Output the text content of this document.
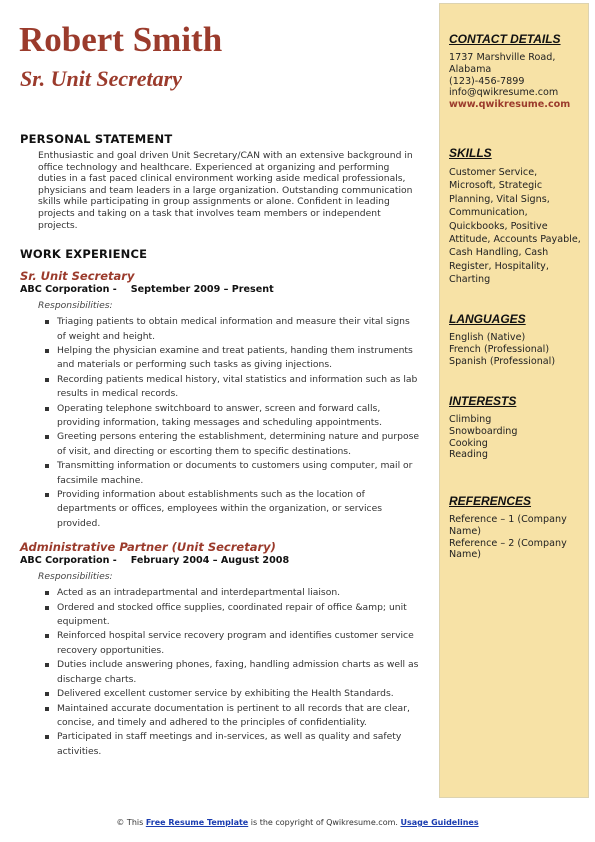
Robert Smith
Sr. Unit Secretary
PERSONAL STATEMENT

Enthusiastic and goal driven Unit Secretary/CAN with an extensive background in office technology and healthcare. Experienced at organizing and performing duties in a fast paced clinical environment working aside medical professionals, physicians and team leaders in a large organization. Outstanding communication skills while participating in group assignments or alone. Confident in leading projects and taking on a task that involves team members or independent projects.

WORK EXPERIENCE

Sr. Unit Secretary

ABC Corporation - September 2009 – Present

Responsibilities:

Triaging patients to obtain medical information and measure their vital signs of weight and height.
Helping the physician examine and treat patients, handing them instruments and materials or performing such tasks as giving injections.
Recording patients medical history, vital statistics and information such as lab results in medical records.
Operating telephone switchboard to answer, screen and forward calls, providing information, taking messages and scheduling appointments.
Greeting persons entering the establishment, determining nature and purpose of visit, and directing or escorting them to specific destinations.
Transmitting information or documents to customers using computer, mail or facsimile machine.
Providing information about establishments such as the location of departments or offices, employees within the organization, or services provided.

Administrative Partner (Unit Secretary)

ABC Corporation - February 2004 – August 2008

Responsibilities:

Acted as an intradepartmental and interdepartmental liaison.
Ordered and stocked office supplies, coordinated repair of office &amp; unit equipment.
Reinforced hospital service recovery program and identifies customer service recovery opportunities.
Duties include answering phones, faxing, handling admission charts as well as discharge charts.
Delivered excellent customer service by exhibiting the Health Standards.
Maintained accurate documentation is pertinent to all records that are clear, concise, and timely and adhered to the principles of confidentiality.
Participated in staff meetings and in-services, as well as quality and safety activities.

CONTACT DETAILS

1737 Marshville Road,
Alabama
(123)-456-7899
info@qwikresume.com
www.qwikresume.com

SKILLS

Customer Service, Microsoft, Strategic Planning, Vital Signs, Communication, Quickbooks, Positive Attitude, Accounts Payable, Cash Handling, Cash Register, Hospitality, Charting

LANGUAGES

English (Native)
French (Professional)
Spanish (Professional)

INTERESTS

Climbing
Snowboarding
Cooking
Reading

REFERENCES

Reference – 1 (Company Name)
Reference – 2 (Company Name)
© This Free Resume Template is the copyright of Qwikresume.com. Usage Guidelines
